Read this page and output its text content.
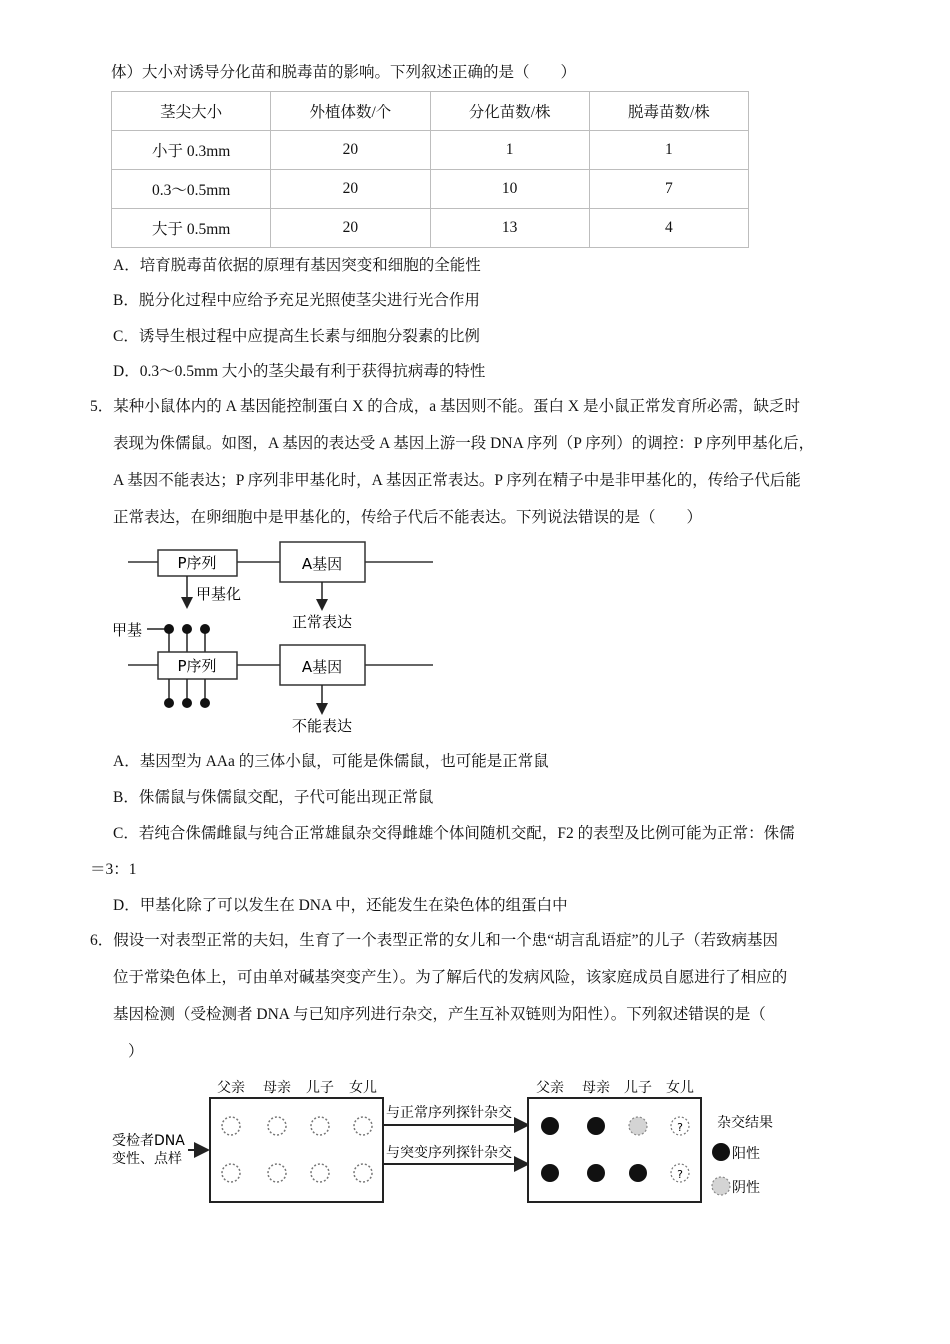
体）大小对诱导分化苗和脱毒苗的影响。下列叙述正确的是（　　）
茎尖大小	外植体数/个	分化苗数/株	脱毒苗数/株
小于 0.3mm	20	1	1
0.3～0.5mm	20	10	7
大于 0.5mm	20	13	4
A．培育脱毒苗依据的原理有基因突变和细胞的全能性
B．脱分化过程中应给予充足光照使茎尖进行光合作用
C．诱导生根过程中应提高生长素与细胞分裂素的比例
D．0.3～0.5mm 大小的茎尖最有利于获得抗病毒的特性
5．某种小鼠体内的 A 基因能控制蛋白 X 的合成，a 基因则不能。蛋白 X 是小鼠正常发育所必需，缺乏时
表现为侏儒鼠。如图，A 基因的表达受 A 基因上游一段 DNA 序列（P 序列）的调控：P 序列甲基化后，
A 基因不能表达；P 序列非甲基化时，A 基因正常表达。P 序列在精子中是非甲基化的，传给子代后能
正常表达，在卵细胞中是甲基化的，传给子代后不能表达。下列说法错误的是（　　）
P序列	A基因
甲基化
正常表达
甲基
P序列	A基因
不能表达
A．基因型为 AAa 的三体小鼠，可能是侏儒鼠，也可能是正常鼠
B．侏儒鼠与侏儒鼠交配，子代可能出现正常鼠
C．若纯合侏儒雌鼠与纯合正常雄鼠杂交得雌雄个体间随机交配，F2 的表型及比例可能为正常：侏儒
＝3：1
D．甲基化除了可以发生在 DNA 中，还能发生在染色体的组蛋白中
6．假设一对表型正常的夫妇，生育了一个表型正常的女儿和一个患“胡言乱语症”的儿子（若致病基因
位于常染色体上，可由单对碱基突变产生）。为了解后代的发病风险，该家庭成员自愿进行了相应的
基因检测（受检测者 DNA 与已知序列进行杂交，产生互补双链则为阳性）。下列叙述错误的是（
）
受检者DNA
变性、点样
父亲 母亲 儿子 女儿
与正常序列探针杂交
与突变序列探针杂交
父亲 母亲 儿子 女儿
?
?
杂交结果
阳性
阴性
